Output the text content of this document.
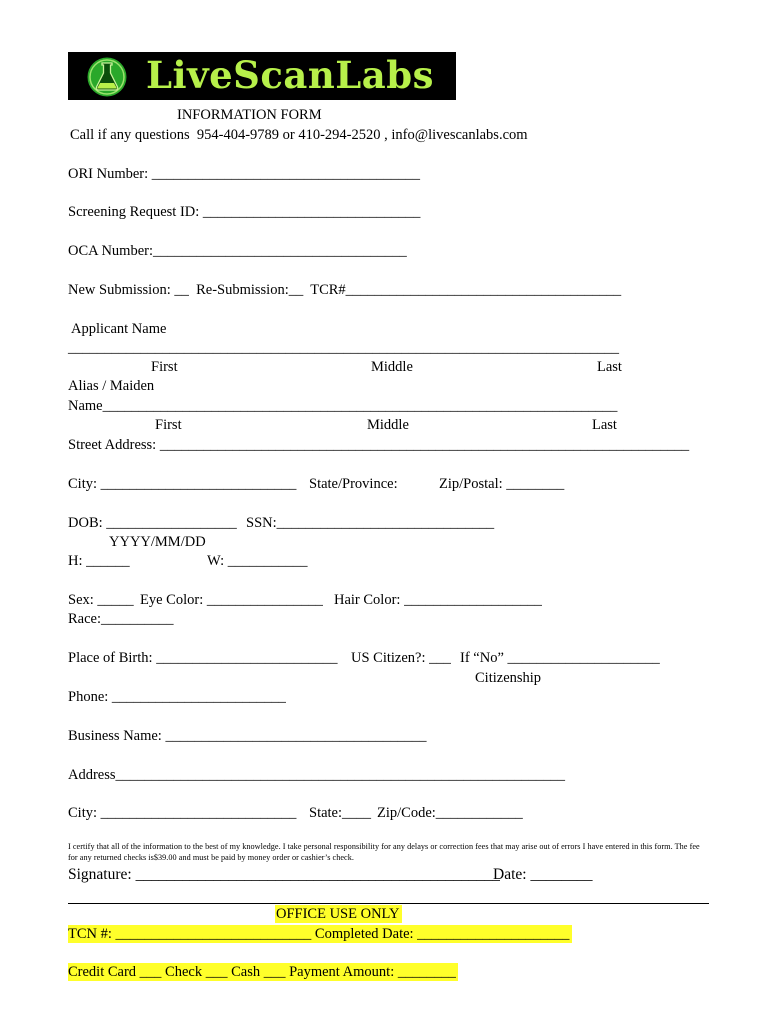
LiveScanLabs
INFORMATION FORM
Call if any questions  954-404-9789 or 410-294-2520 , info@livescanlabs.com
ORI Number: _____________________________________
Screening Request ID: ______________________________
OCA Number:___________________________________
New Submission: __  Re-Submission:__  TCR#______________________________________
Applicant Name
____________________________________________________________________________
First	Middle	Last
Alias / Maiden
Name_______________________________________________________________________
First	Middle	Last
Street Address: _________________________________________________________________________
City: ___________________________ State/Province:	Zip/Postal: ________
DOB: __________________ SSN:______________________________
YYYY/MM/DD
H: ______	W: ___________
Sex: _____ Eye Color: ________________ Hair Color: ___________________
Race:__________
Place of Birth: _________________________ US Citizen?: ___ If “No” _____________________
Citizenship
Phone: ________________________
Business Name: ____________________________________
Address______________________________________________________________
City: ___________________________ State:____ Zip/Code:____________
I certify that all of the information to the best of my knowledge. I take personal responsibility for any delays or correction fees that may arise out of errors I have entered in this form. The fee for any returned checks is$39.00 and must be paid by money order or cashier’s check.
Signature: _______________________________________________
Date: ________
OFFICE USE ONLY
TCN #: ___________________________ Completed Date: _____________________
Credit Card ___ Check ___ Cash ___ Payment Amount: ________
